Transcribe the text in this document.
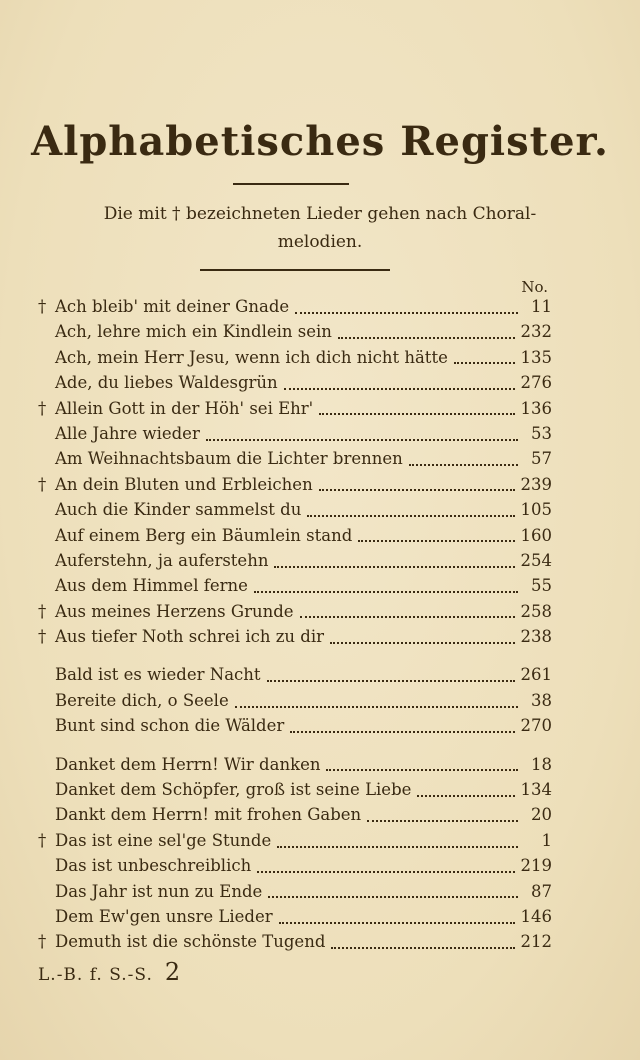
Alphabetisches Register.
Die mit † bezeichneten Lieder gehen nach Choral- melodien.
No.
† Ach bleib' mit deiner Gnade	11
Ach, lehre mich ein Kindlein sein	232
Ach, mein Herr Jesu, wenn ich dich nicht hätte	135
Ade, du liebes Waldesgrün	276
† Allein Gott in der Höh' sei Ehr'	136
Alle Jahre wieder	53
Am Weihnachtsbaum die Lichter brennen	57
† An dein Bluten und Erbleichen	239
Auch die Kinder sammelst du	105
Auf einem Berg ein Bäumlein stand	160
Auferstehn, ja auferstehn	254
Aus dem Himmel ferne	55
† Aus meines Herzens Grunde	258
† Aus tiefer Noth schrei ich zu dir	238
Bald ist es wieder Nacht	261
Bereite dich, o Seele	38
Bunt sind schon die Wälder	270
Danket dem Herrn! Wir danken	18
Danket dem Schöpfer, groß ist seine Liebe	134
Dankt dem Herrn! mit frohen Gaben	20
† Das ist eine sel'ge Stunde	1
Das ist unbeschreiblich	219
Das Jahr ist nun zu Ende	87
Dem Ew'gen unsre Lieder	146
† Demuth ist die schönste Tugend	212
L.-B. f. S.-S. 2
